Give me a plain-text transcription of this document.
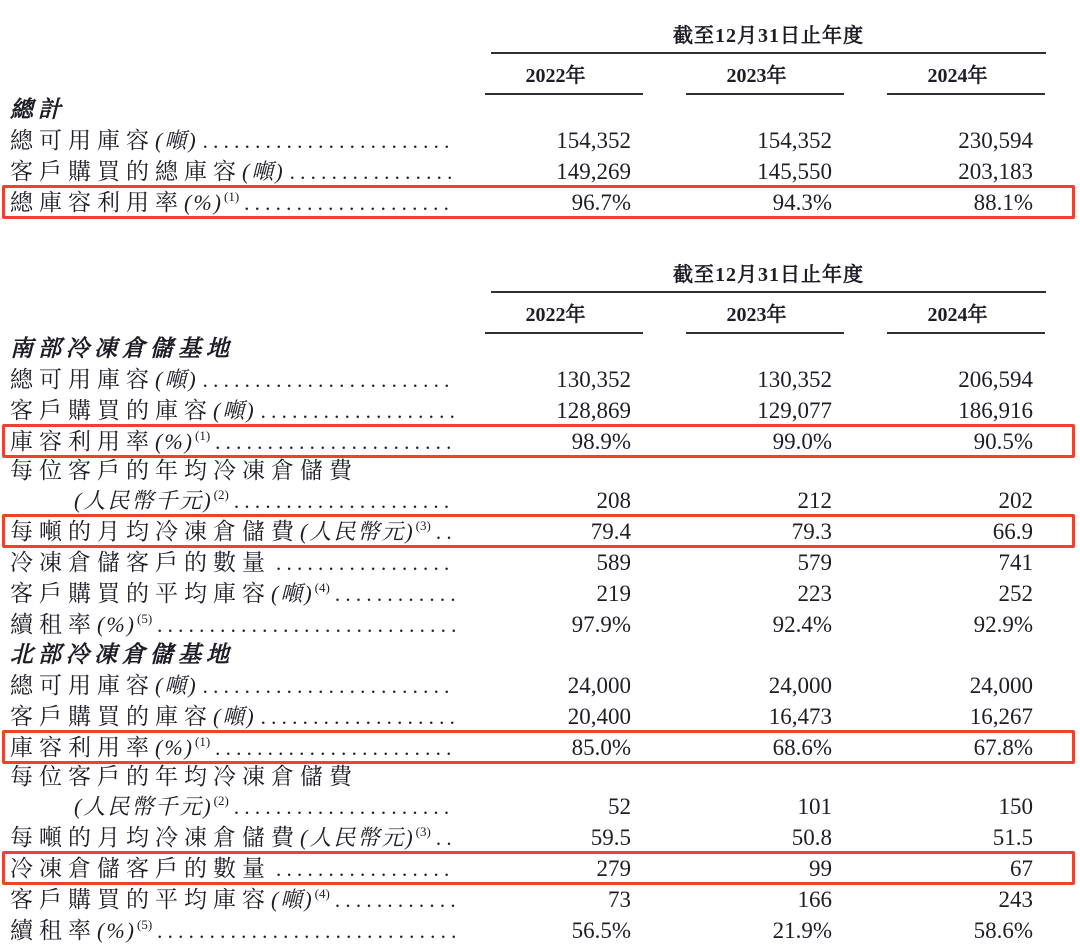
截至12月31日止年度
2022年	2023年	2024年
總計
總可用庫容 (噸) . . .	154,352	154,352	230,594
客戶購買的總庫容 (噸) . . .	149,269	145,550	203,183
總庫容利用率 (%) (1) . . .	96.7%	94.3%	88.1%
截至12月31日止年度
2022年	2023年	2024年
南部冷凍倉儲基地
總可用庫容 (噸) . . .	130,352	130,352	206,594
客戶購買的庫容 (噸) . . .	128,869	129,077	186,916
庫容利用率 (%) (1) . . .	98.9%	99.0%	90.5%
每位客戶的年均冷凍倉儲費
(人民幣千元) (2) . . .	208	212	202
每噸的月均冷凍倉儲費 (人民幣元) (3) . . .	79.4	79.3	66.9
冷凍倉儲客戶的數量 . . .	589	579	741
客戶購買的平均庫容 (噸) (4) . . .	219	223	252
續租率 (%) (5) . . .	97.9%	92.4%	92.9%
北部冷凍倉儲基地
總可用庫容 (噸) . . .	24,000	24,000	24,000
客戶購買的庫容 (噸) . . .	20,400	16,473	16,267
庫容利用率 (%) (1) . . .	85.0%	68.6%	67.8%
每位客戶的年均冷凍倉儲費
(人民幣千元) (2) . . .	52	101	150
每噸的月均冷凍倉儲費 (人民幣元) (3) . . .	59.5	50.8	51.5
冷凍倉儲客戶的數量 . . .	279	99	67
客戶購買的平均庫容 (噸) (4) . . .	73	166	243
續租率 (%) (5) . . .	56.5%	21.9%	58.6%
